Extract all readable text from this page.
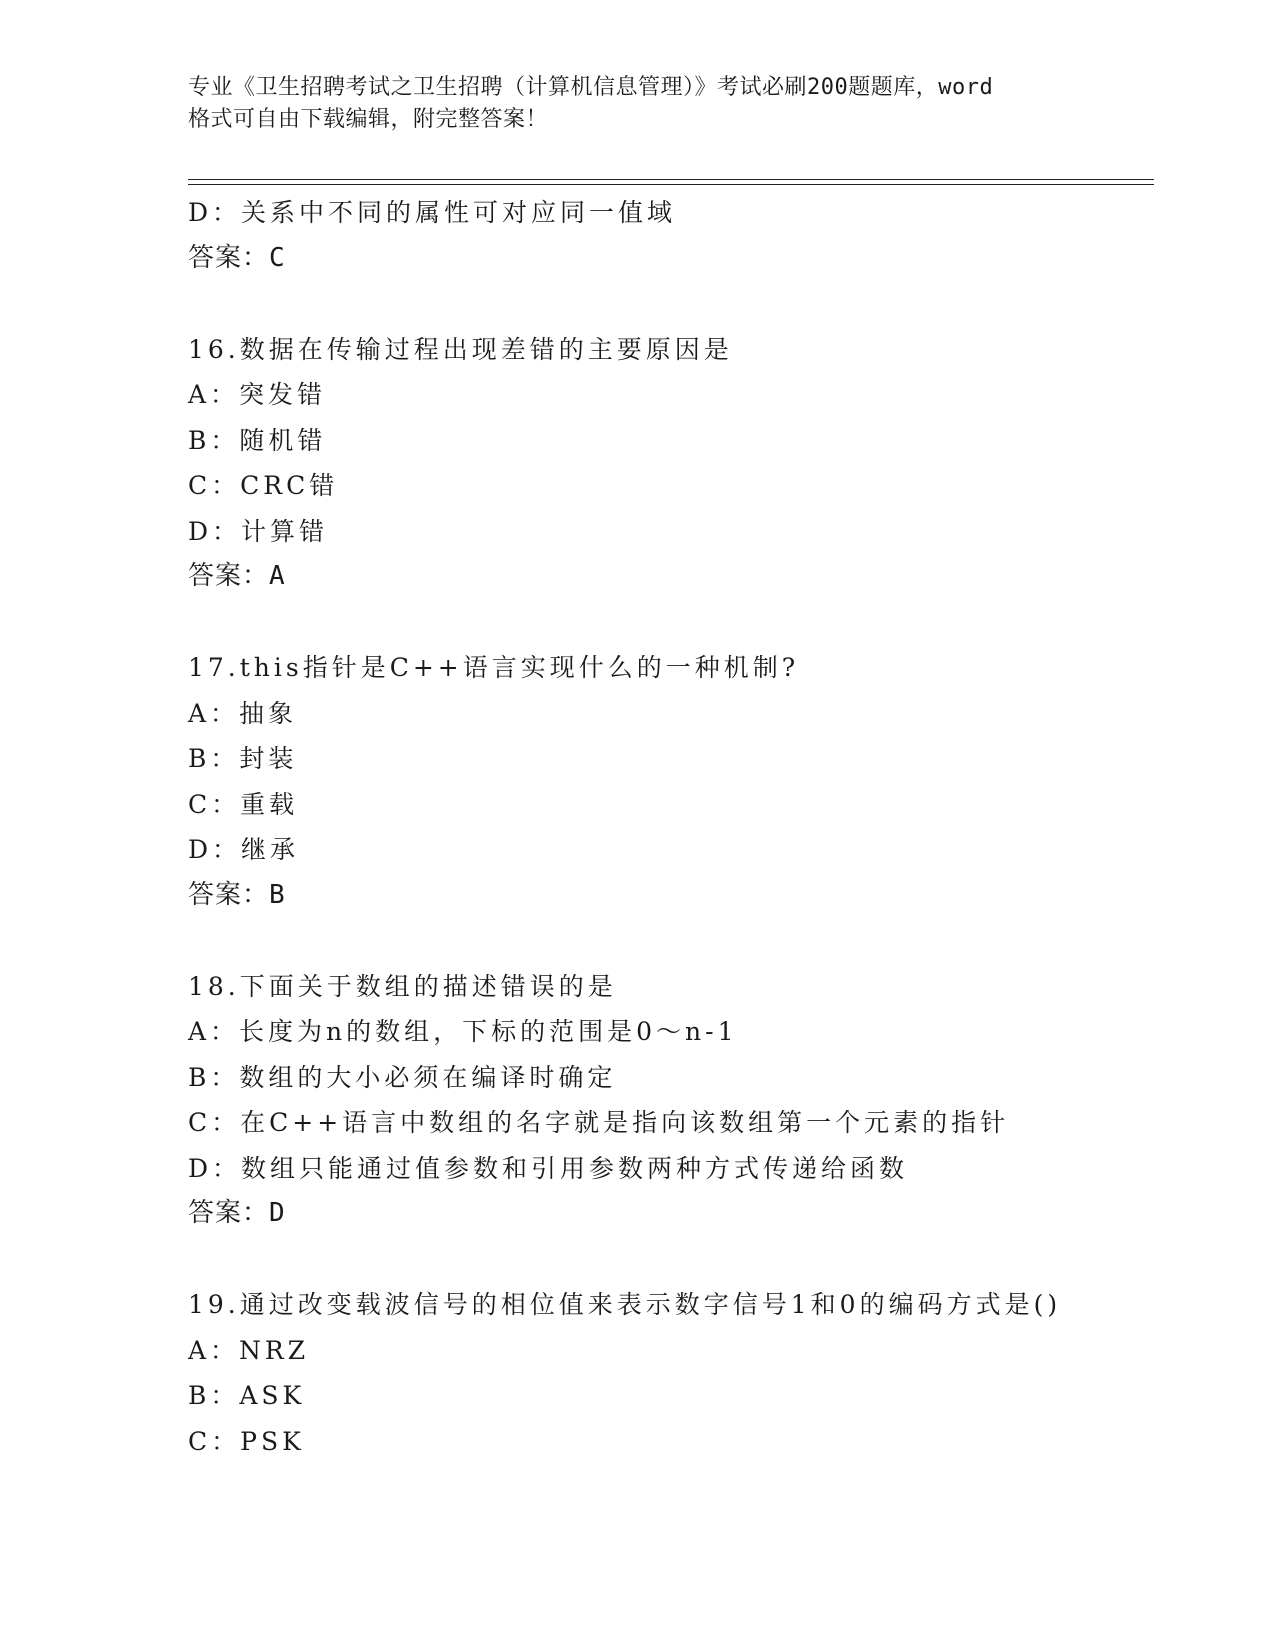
专业《卫生招聘考试之卫生招聘（计算机信息管理）》考试必刷200题题库，word
格式可自由下载编辑，附完整答案！
D：关系中不同的属性可对应同一值域
答案：C
16.数据在传输过程出现差错的主要原因是
A：突发错
B：随机错
C：CRC错
D：计算错
答案：A
17.this指针是C++语言实现什么的一种机制?
A：抽象
B：封装
C：重载
D：继承
答案：B
18.下面关于数组的描述错误的是
A：长度为n的数组，下标的范围是0～n-1
B：数组的大小必须在编译时确定
C：在C++语言中数组的名字就是指向该数组第一个元素的指针
D：数组只能通过值参数和引用参数两种方式传递给函数
答案：D
19.通过改变载波信号的相位值来表示数字信号1和0的编码方式是()
A：NRZ
B：ASK
C：PSK
